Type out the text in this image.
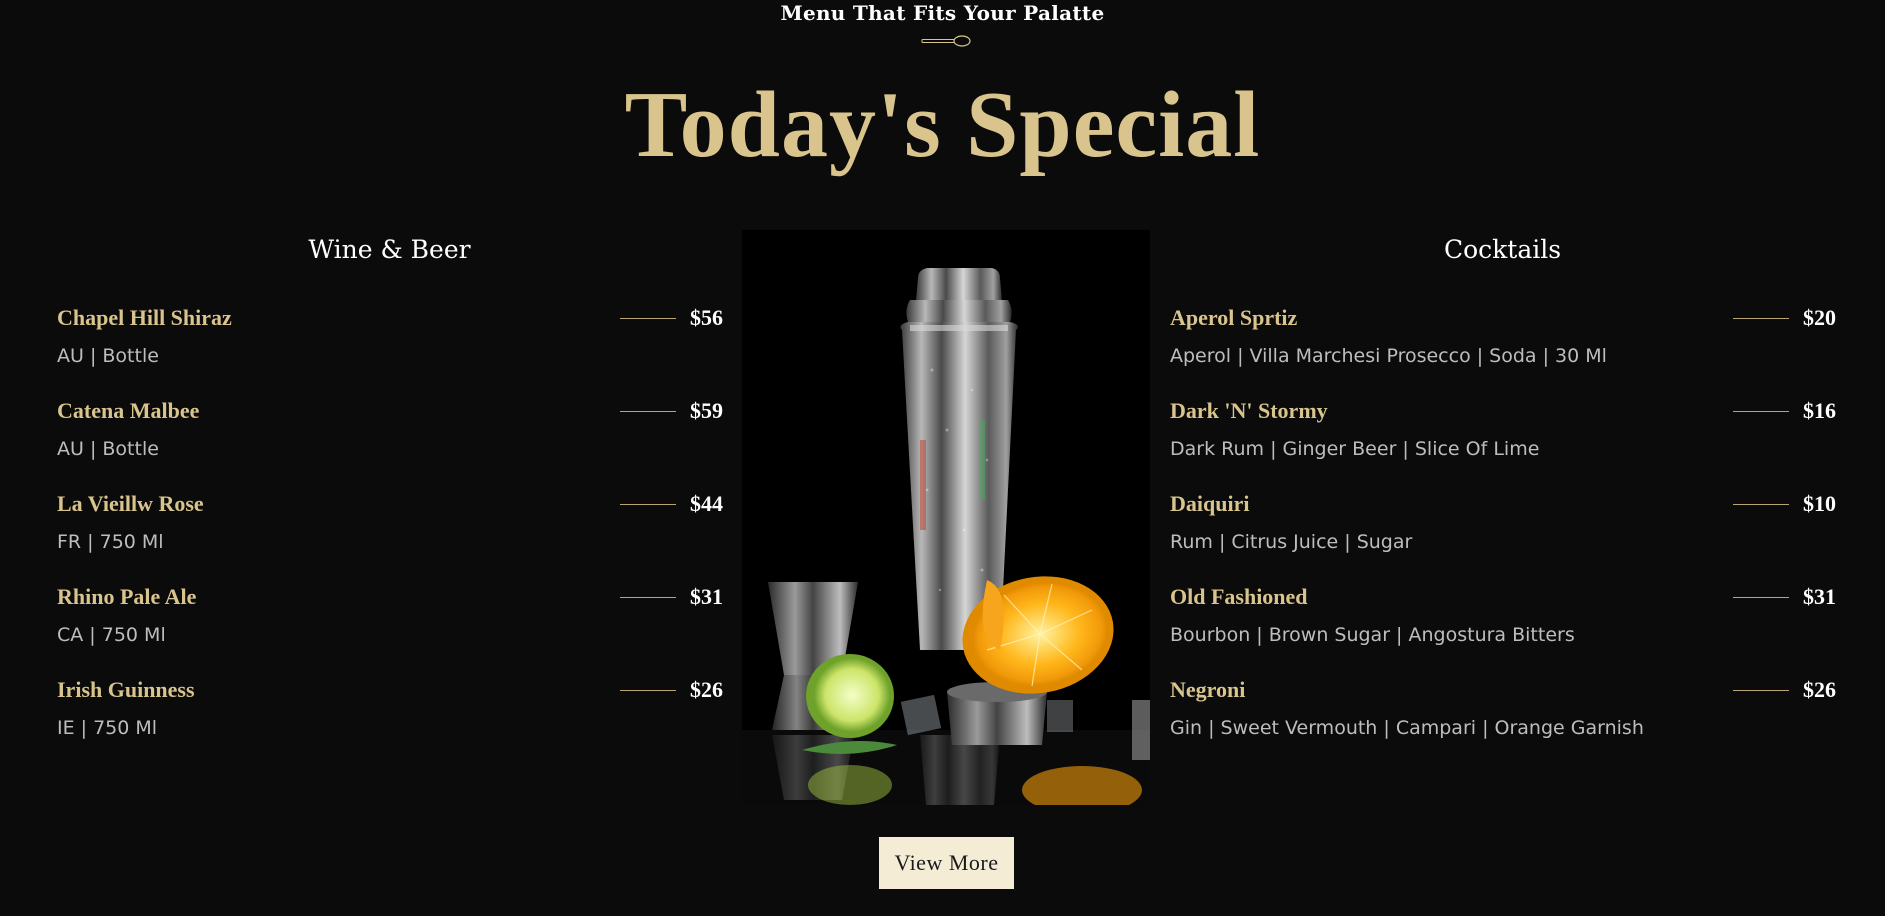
Menu That Fits Your Palatte
Today's Special
Wine & Beer	Cocktails
Chapel Hill Shiraz	$56
AU | Bottle
Catena Malbee	$59
AU | Bottle
La Vieillw Rose	$44
FR | 750 Ml
Rhino Pale Ale	$31
CA | 750 Ml
Irish Guinness	$26
IE | 750 Ml
Aperol Sprtiz	$20
Aperol | Villa Marchesi Prosecco | Soda | 30 Ml
Dark 'N' Stormy	$16
Dark Rum | Ginger Beer | Slice Of Lime
Daiquiri	$10
Rum | Citrus Juice | Sugar
Old Fashioned	$31
Bourbon | Brown Sugar | Angostura Bitters
Negroni	$26
Gin | Sweet Vermouth | Campari | Orange Garnish
View More
